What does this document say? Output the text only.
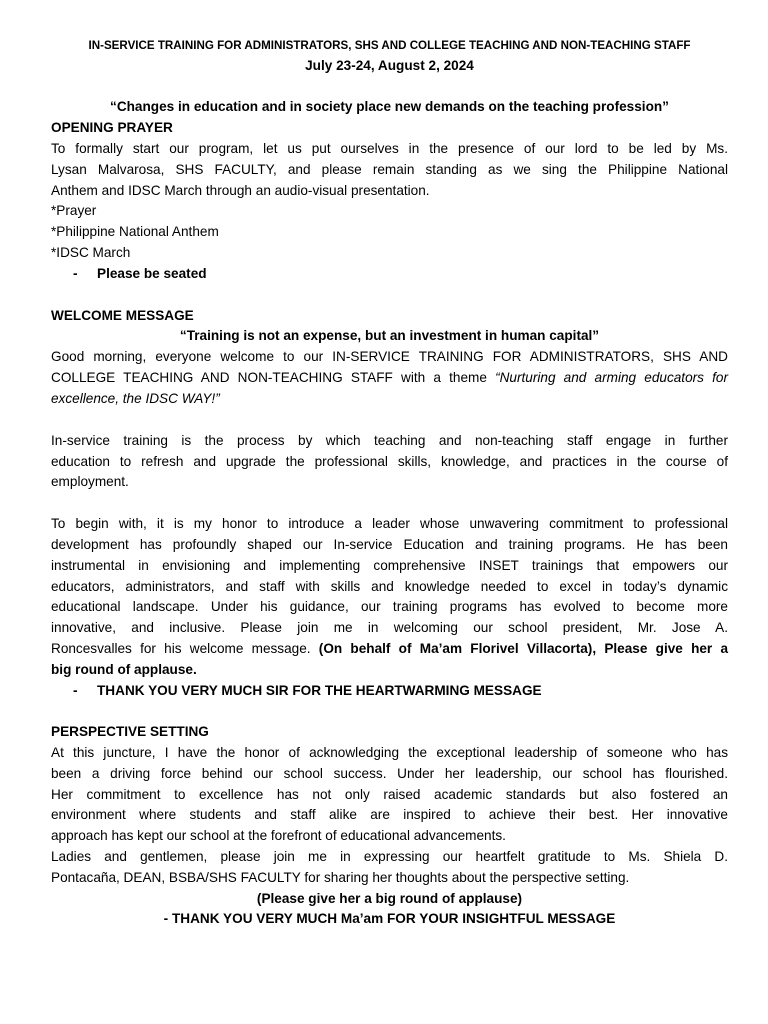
IN-SERVICE TRAINING FOR ADMINISTRATORS, SHS AND COLLEGE TEACHING AND NON-TEACHING STAFF
July 23-24, August 2, 2024
“Changes in education and in society place new demands on the teaching profession”
OPENING PRAYER
To formally start our program, let us put ourselves in the presence of our lord to be led by Ms.
Lysan Malvarosa, SHS FACULTY, and please remain standing as we sing the Philippine National
Anthem and IDSC March through an audio-visual presentation.
*Prayer
*Philippine National Anthem
*IDSC March
- Please be seated
WELCOME MESSAGE
“Training is not an expense, but an investment in human capital”
Good morning, everyone welcome to our IN-SERVICE TRAINING FOR ADMINISTRATORS, SHS AND
COLLEGE TEACHING AND NON-TEACHING STAFF with a theme “Nurturing and arming educators for
excellence, the IDSC WAY!”
In-service training is the process by which teaching and non-teaching staff engage in further
education to refresh and upgrade the professional skills, knowledge, and practices in the course of
employment.
To begin with, it is my honor to introduce a leader whose unwavering commitment to professional
development has profoundly shaped our In-service Education and training programs. He has been
instrumental in envisioning and implementing comprehensive INSET trainings that empowers our
educators, administrators, and staff with skills and knowledge needed to excel in today’s dynamic
educational landscape. Under his guidance, our training programs has evolved to become more
innovative, and inclusive. Please join me in welcoming our school president, Mr. Jose A.
Roncesvalles for his welcome message. (On behalf of Ma’am Florivel Villacorta), Please give her a
big round of applause.
- THANK YOU VERY MUCH SIR FOR THE HEARTWARMING MESSAGE
PERSPECTIVE SETTING
At this juncture, I have the honor of acknowledging the exceptional leadership of someone who has
been a driving force behind our school success. Under her leadership, our school has flourished.
Her commitment to excellence has not only raised academic standards but also fostered an
environment where students and staff alike are inspired to achieve their best. Her innovative
approach has kept our school at the forefront of educational advancements.
Ladies and gentlemen, please join me in expressing our heartfelt gratitude to Ms. Shiela D.
Pontacaña, DEAN, BSBA/SHS FACULTY for sharing her thoughts about the perspective setting.
(Please give her a big round of applause)
- THANK YOU VERY MUCH Ma’am FOR YOUR INSIGHTFUL MESSAGE
